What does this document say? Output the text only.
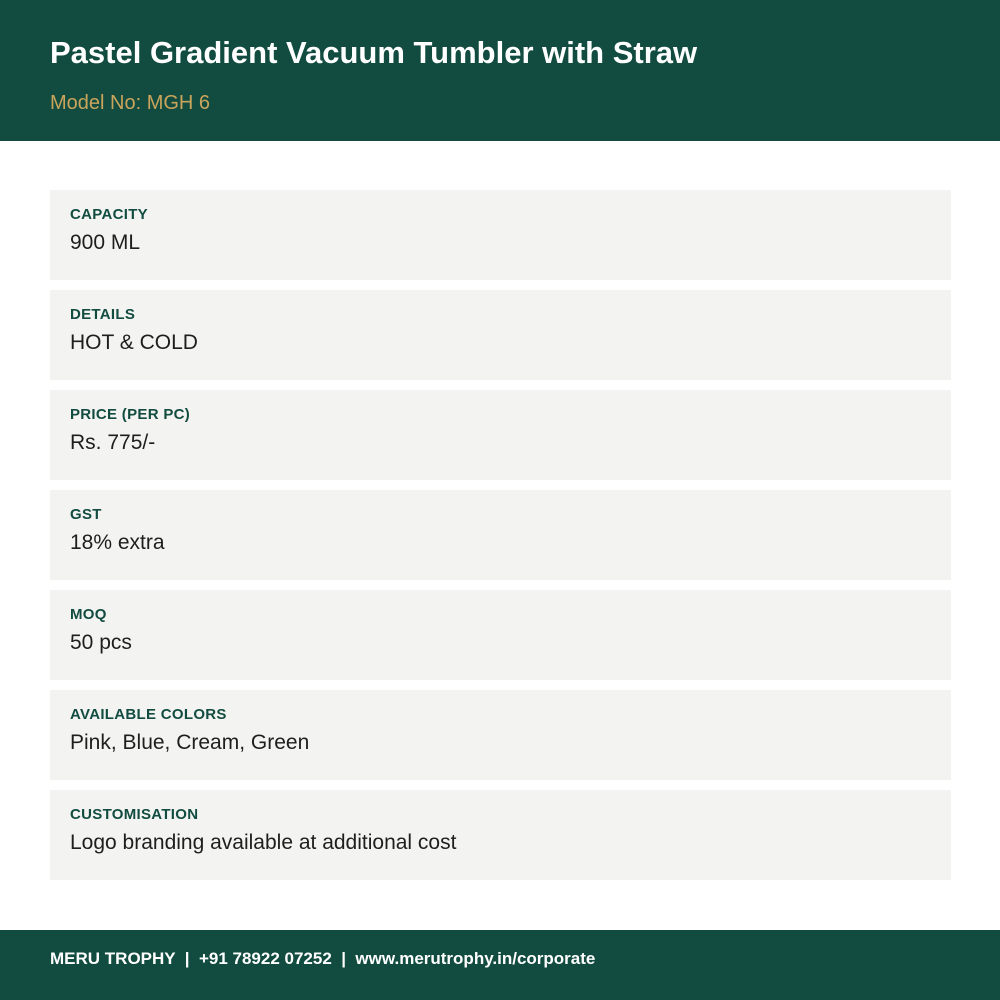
Pastel Gradient Vacuum Tumbler with Straw
Model No: MGH 6
CAPACITY
900 ML
DETAILS
HOT & COLD
PRICE (PER PC)
Rs. 775/-
GST
18% extra
MOQ
50 pcs
AVAILABLE COLORS
Pink, Blue, Cream, Green
CUSTOMISATION
Logo branding available at additional cost
MERU TROPHY  |  +91 78922 07252  |  www.merutrophy.in/corporate
